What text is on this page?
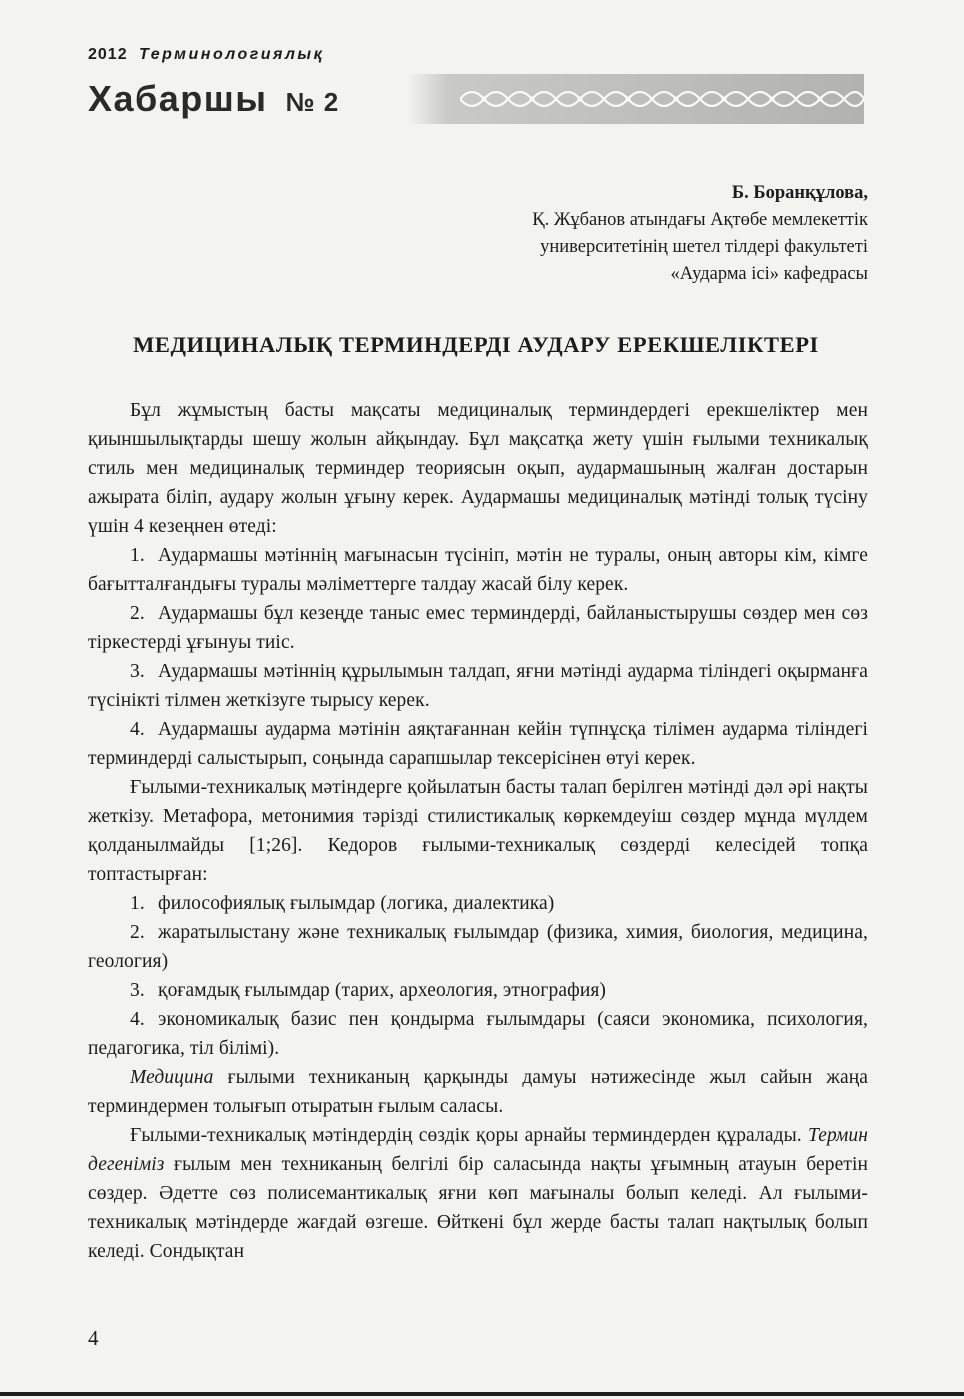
2012 Терминологиялық
Хабаршы № 2
Б. Боранқұлова,
Қ. Жұбанов атындағы Ақтөбе мемлекеттік
университетінің шетел тілдері факультеті
«Аударма ісі» кафедрасы
МЕДИЦИНАЛЫҚ ТЕРМИНДЕРДІ АУДАРУ ЕРЕКШЕЛІКТЕРІ

Бұл жұмыстың басты мақсаты медициналық терминдердегі ерекшеліктер мен қиыншылықтарды шешу жолын айқындау. Бұл мақсатқа жету үшін ғылыми техникалық стиль мен медициналық терминдер теориясын оқып, аудармашының жалған достарын ажырата біліп, аудару жолын ұғыну керек. Аудармашы медициналық мәтінді толық түсіну үшін 4 кезеңнен өтеді:

1. Аудармашы мәтіннің мағынасын түсініп, мәтін не туралы, оның авторы кім, кімге бағытталғандығы туралы мәліметтерге талдау жасай білу керек.

2. Аудармашы бұл кезеңде таныс емес терминдерді, байланыстырушы сөздер мен сөз тіркестерді ұғынуы тиіс.

3. Аудармашы мәтіннің құрылымын талдап, яғни мәтінді аударма тіліндегі оқырманға түсінікті тілмен жеткізуге тырысу керек.

4. Аудармашы аударма мәтінін аяқтағаннан кейін түпнұсқа тілімен аударма тіліндегі терминдерді салыстырып, соңында сарапшылар тексерісінен өтуі керек.

Ғылыми-техникалық мәтіндерге қойылатын басты талап берілген мәтінді дәл әрі нақты жеткізу. Метафора, метонимия тәрізді стилистикалық көркемдеуіш сөздер мұнда мүлдем қолданылмайды [1;26]. Кедоров ғылыми-техникалық сөздерді келесідей топқа топтастырған:

1. философиялық ғылымдар (логика, диалектика)

2. жаратылыстану және техникалық ғылымдар (физика, химия, биология, медицина, геология)

3. қоғамдық ғылымдар (тарих, археология, этнография)

4. экономикалық базис пен қондырма ғылымдары (саяси экономика, психология, педагогика, тіл білімі).

Медицина ғылыми техниканың қарқынды дамуы нәтижесінде жыл сайын жаңа терминдермен толығып отыратын ғылым саласы.

Ғылыми-техникалық мәтіндердің сөздік қоры арнайы терминдерден құралады. Термин дегеніміз ғылым мен техниканың белгілі бір саласында нақты ұғымның атауын беретін сөздер. Әдетте сөз полисемантикалық яғни көп мағыналы болып келеді. Ал ғылыми-техникалық мәтіндерде жағдай өзгеше. Өйткені бұл жерде басты талап нақтылық болып келеді. Сондықтан

4
